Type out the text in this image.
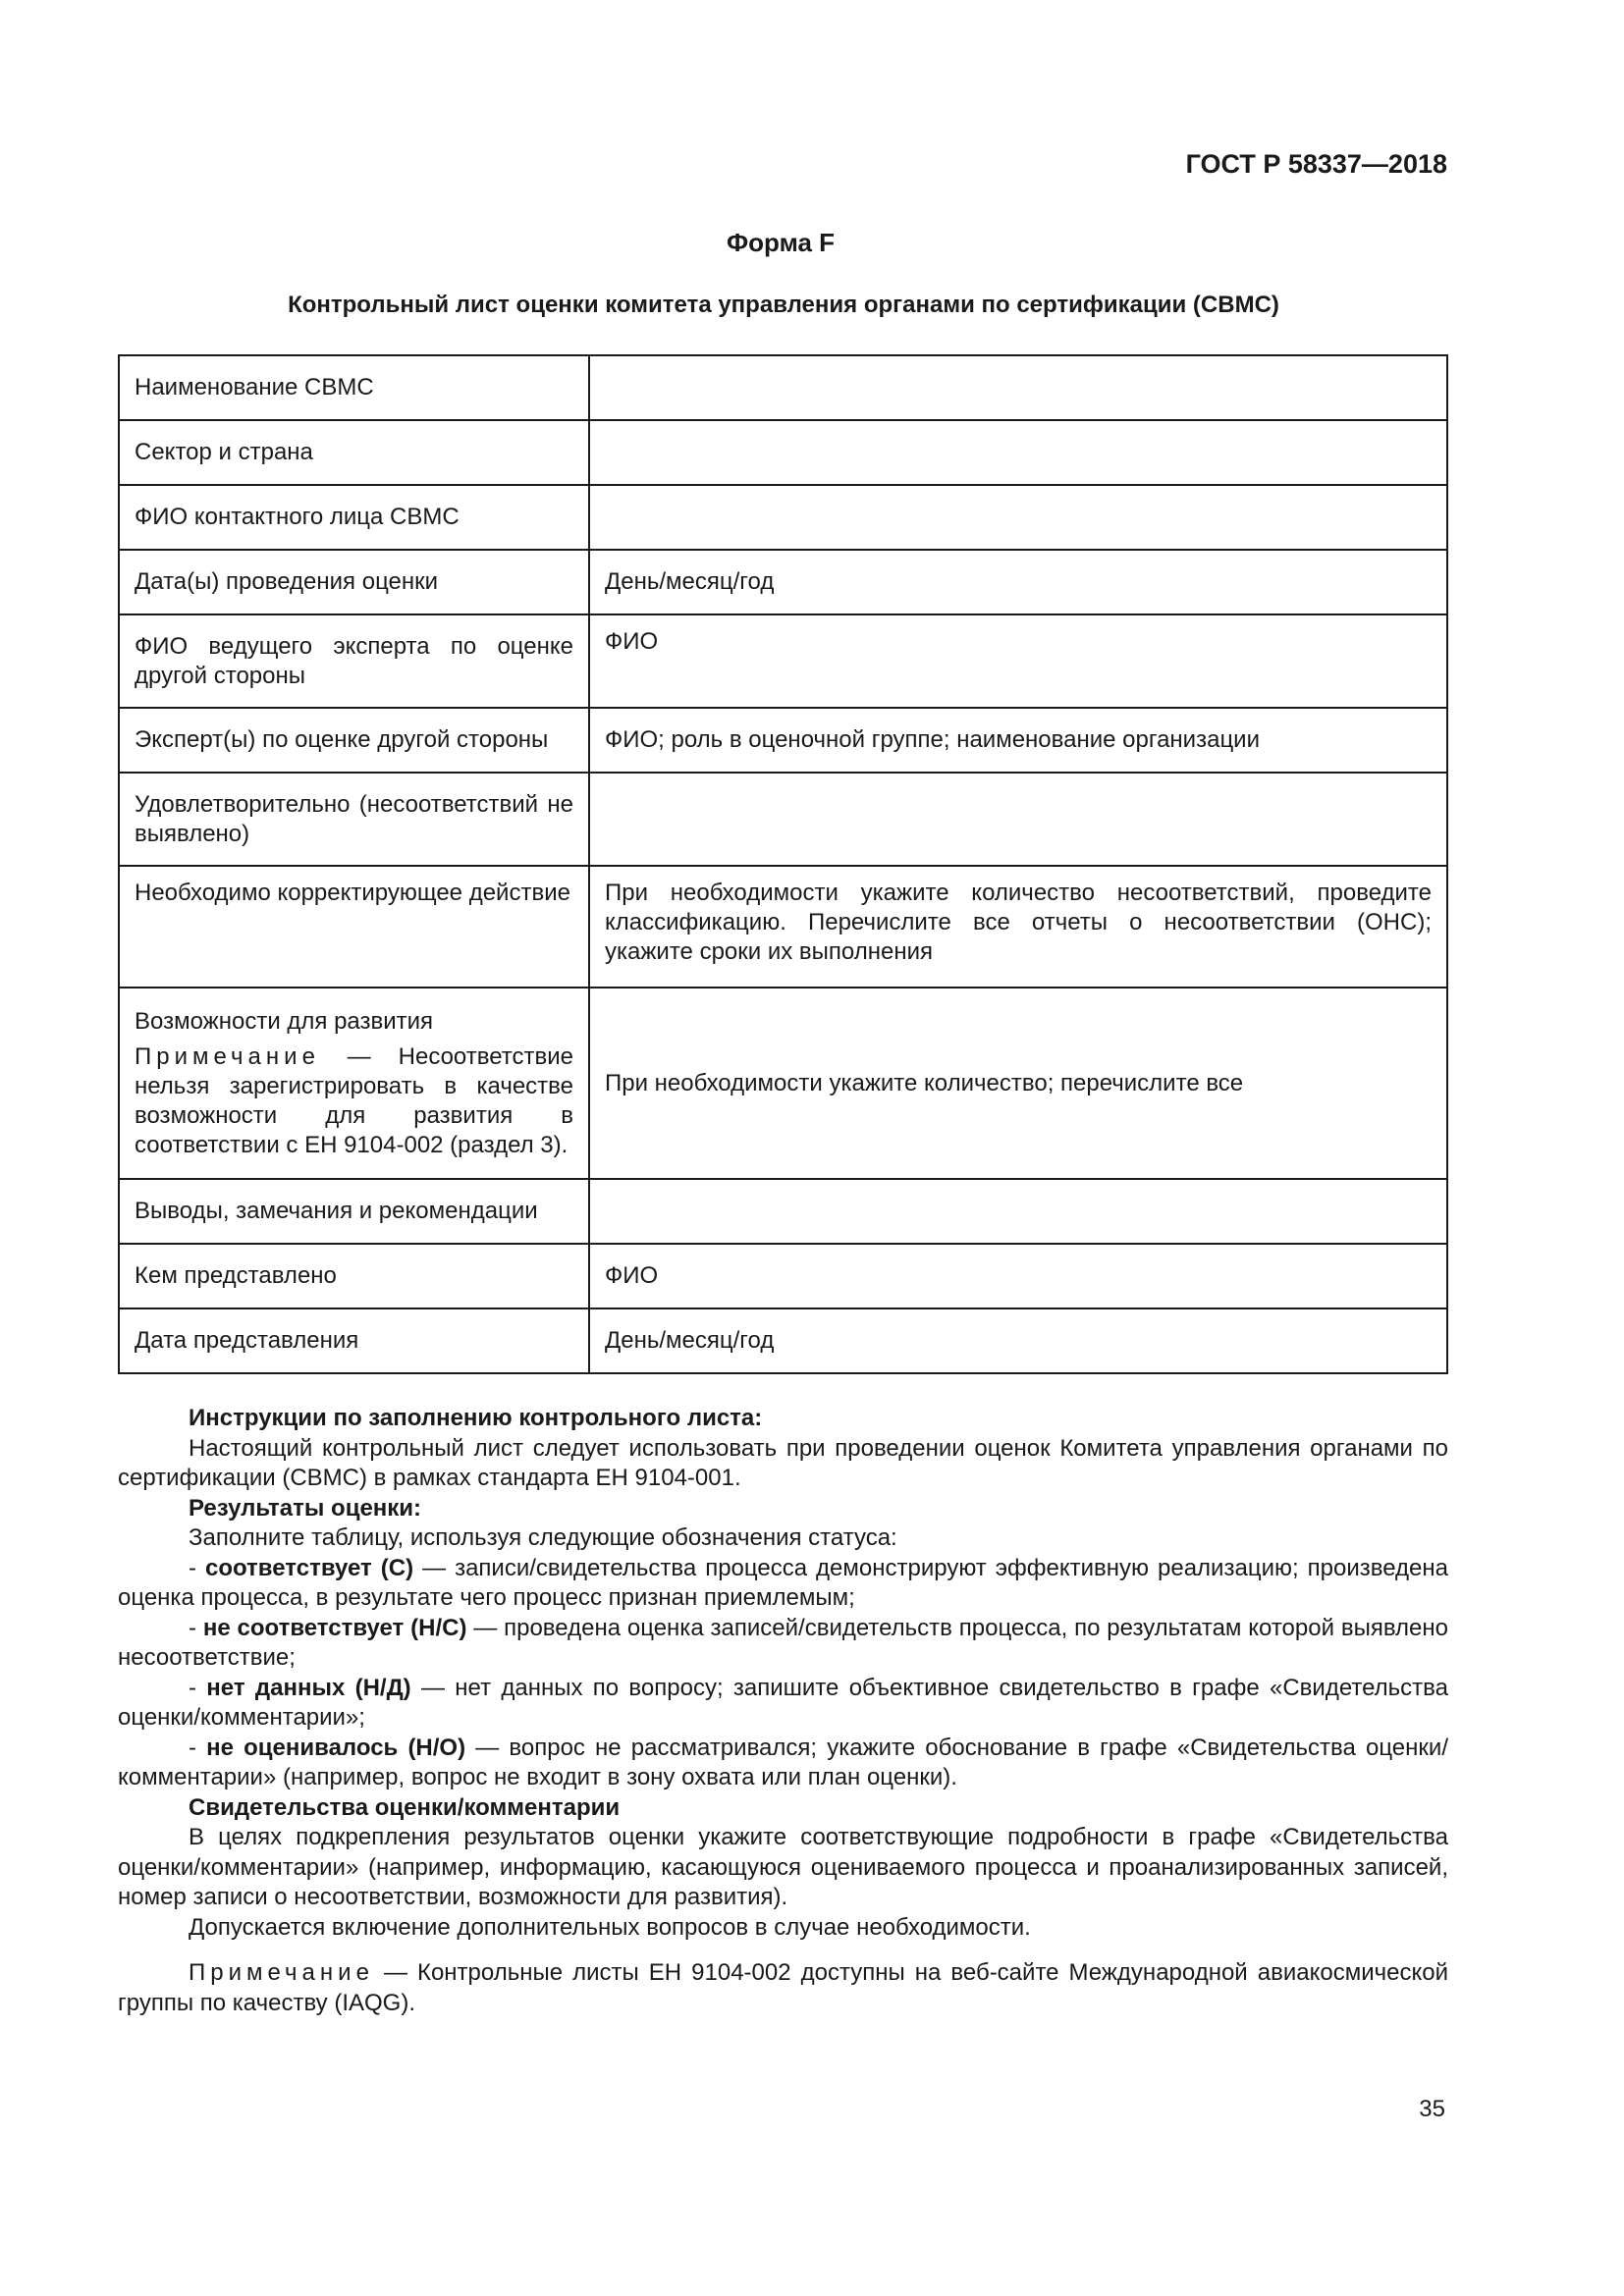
ГОСТ Р 58337—2018
Форма F
Контрольный лист оценки комитета управления органами по сертификации (CBMC)
Наименование CBMC	
Сектор и страна	
ФИО контактного лица CBMC	
Дата(ы) проведения оценки	День/месяц/год
ФИО ведущего эксперта по оценке другой стороны	ФИО
Эксперт(ы) по оценке другой стороны	ФИО; роль в оценочной группе; наименование организации
Удовлетворительно (несоответствий не выявлено)	
Необходимо корректирующее действие	При необходимости укажите количество несоответствий, проведите классификацию. Перечислите все отчеты о несоответствии (ОНС); укажите сроки их выполнения

Возможности для развития
Примечание — Несоответствие нельзя зарегистрировать в качестве возможности для развития в соответствии с ЕН 9104-002 (раздел 3).	При необходимости укажите количество; перечислите все
Выводы, замечания и рекомендации	
Кем представлено	ФИО
Дата представления	День/месяц/год

Инструкции по заполнению контрольного листа:

Настоящий контрольный лист следует использовать при проведении оценок Комитета управления органами по сертификации (CBMC) в рамках стандарта ЕН 9104-001.

Результаты оценки:

Заполните таблицу, используя следующие обозначения статуса:

- соответствует (С) — записи/свидетельства процесса демонстрируют эффективную реализацию; произведена оценка процесса, в результате чего процесс признан приемлемым;

- не соответствует (Н/С) — проведена оценка записей/свидетельств процесса, по результатам которой выявлено несоответствие;

- нет данных (Н/Д) — нет данных по вопросу; запишите объективное свидетельство в графе «Свидетельства оценки/комментарии»;

- не оценивалось (Н/О) — вопрос не рассматривался; укажите обоснование в графе «Свидетельства оценки/комментарии» (например, вопрос не входит в зону охвата или план оценки).

Свидетельства оценки/комментарии

В целях подкрепления результатов оценки укажите соответствующие подробности в графе «Свидетельства оценки/комментарии» (например, информацию, касающуюся оцениваемого процесса и проанализированных записей, номер записи о несоответствии, возможности для развития).

Допускается включение дополнительных вопросов в случае необходимости.

Примечание — Контрольные листы ЕН 9104-002 доступны на веб-сайте Международной авиакосмической группы по качеству (IAQG).

35
